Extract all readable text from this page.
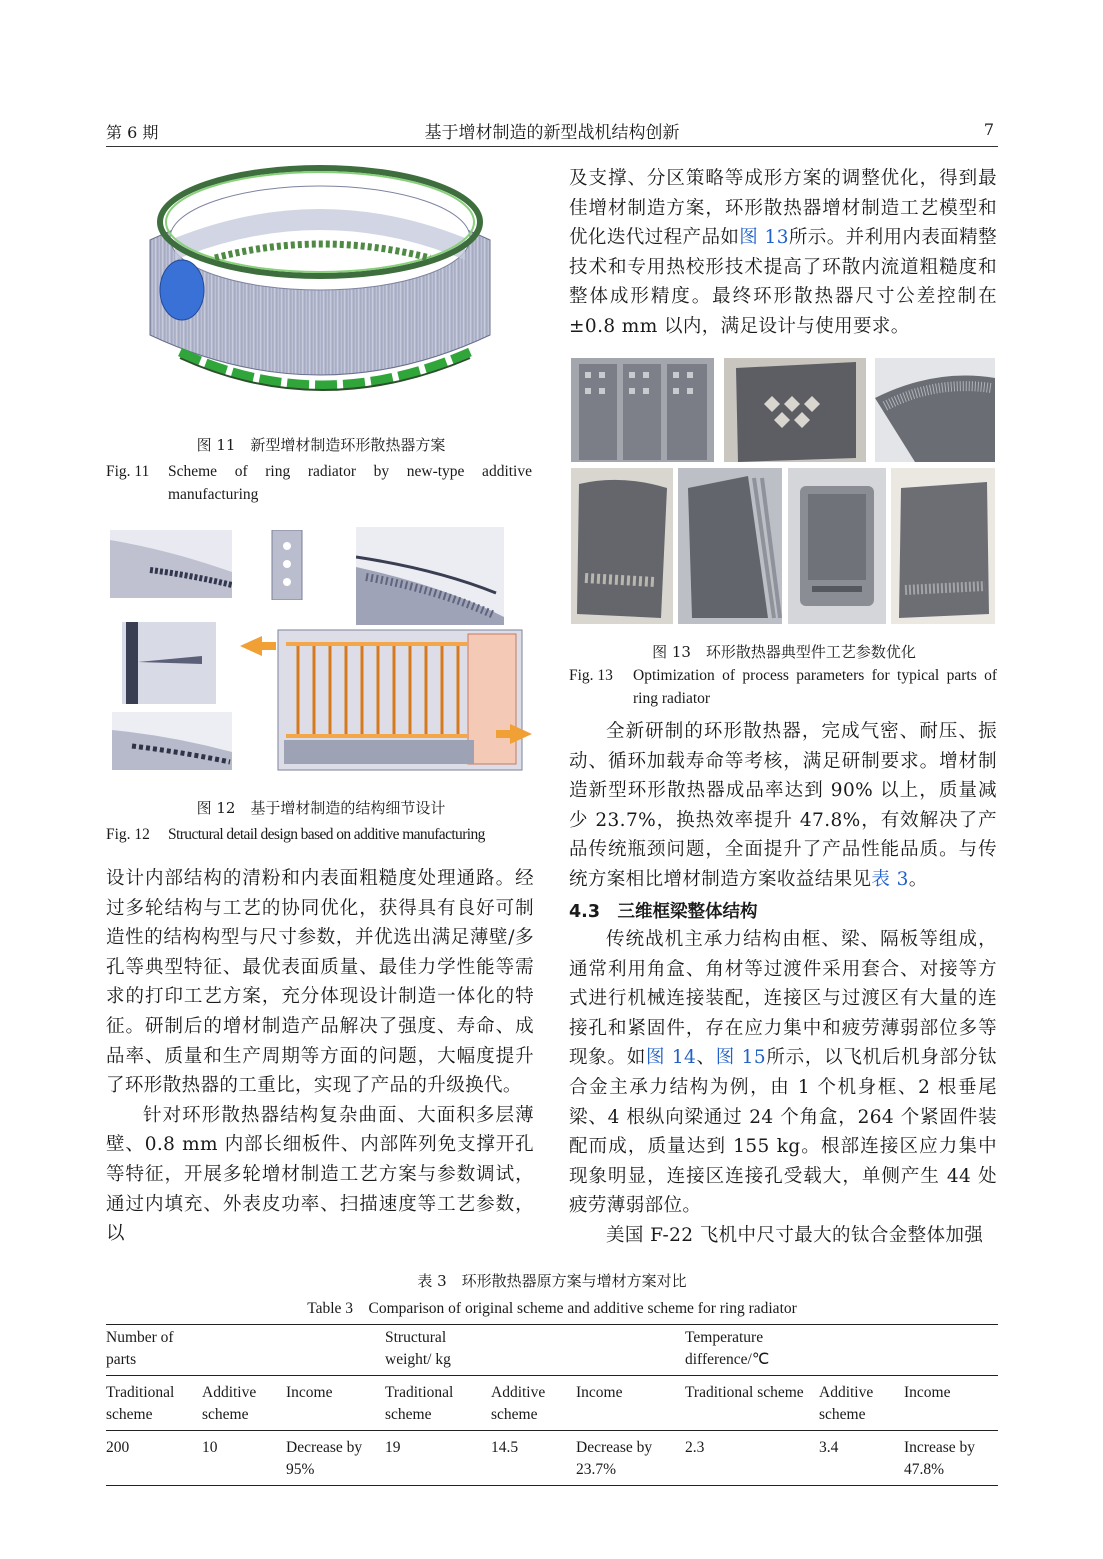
第 6 期	基于增材制造的新型战机结构创新	7
图 11　新型增材制造环形散热器方案
Fig. 11 Scheme of ring radiator by new-type additive manufacturing
图 12　基于增材制造的结构细节设计
Fig. 12 Structural detail design based on additive manufacturing

设计内部结构的清粉和内表面粗糙度处理通路。经过多轮结构与工艺的协同优化，获得具有良好可制造性的结构构型与尺寸参数，并优选出满足薄壁/多孔等典型特征、最优表面质量、最佳力学性能等需求的打印工艺方案，充分体现设计制造一体化的特征。研制后的增材制造产品解决了强度、寿命、成品率、质量和生产周期等方面的问题，大幅度提升了环形散热器的工重比，实现了产品的升级换代。

针对环形散热器结构复杂曲面、大面积多层薄壁、0.8 mm 内部长细板件、内部阵列免支撑开孔等特征，开展多轮增材制造工艺方案与参数调试，通过内填充、外表皮功率、扫描速度等工艺参数，以

及支撑、分区策略等成形方案的调整优化，得到最佳增材制造方案，环形散热器增材制造工艺模型和优化迭代过程产品如图 13所示。并利用内表面精整技术和专用热校形技术提高了环散内流道粗糙度和整体成形精度。最终环形散热器尺寸公差控制在±0.8 mm 以内，满足设计与使用要求。

图 13　环形散热器典型件工艺参数优化
Fig. 13 Optimization of process parameters for typical parts of ring radiator

全新研制的环形散热器，完成气密、耐压、振动、循环加载寿命等考核，满足研制要求。增材制造新型环形散热器成品率达到 90% 以上，质量减少 23.7%，换热效率提升 47.8%，有效解决了产品传统瓶颈问题，全面提升了产品性能品质。与传统方案相比增材制造方案收益结果见表 3。

4.3　三维框梁整体结构

传统战机主承力结构由框、梁、隔板等组成，通常利用角盒、角材等过渡件采用套合、对接等方式进行机械连接装配，连接区与过渡区有大量的连接孔和紧固件，存在应力集中和疲劳薄弱部位多等现象。如图 14、图 15所示，以飞机后机身部分钛合金主承力结构为例，由 1 个机身框、2 根垂尾梁、4 根纵向梁通过 24 个角盒，264 个紧固件装配而成，质量达到 155 kg。根部连接区应力集中现象明显，连接区连接孔受载大，单侧产生 44 处疲劳薄弱部位。

美国 F-22 飞机中尺寸最大的钛合金整体加强

表 3　环形散热器原方案与增材方案对比
Table 3　Comparison of original scheme and additive scheme for ring radiator
Number of parts			Structural weight/ kg			Temperature difference/℃		
Traditional scheme	Additive scheme	Income	Traditional scheme	Additive scheme	Income	Traditional scheme	Additive scheme	Income
200	10	Decrease by 95%	19	14.5	Decrease by 23.7%	2.3	3.4	Increase by 47.8%
